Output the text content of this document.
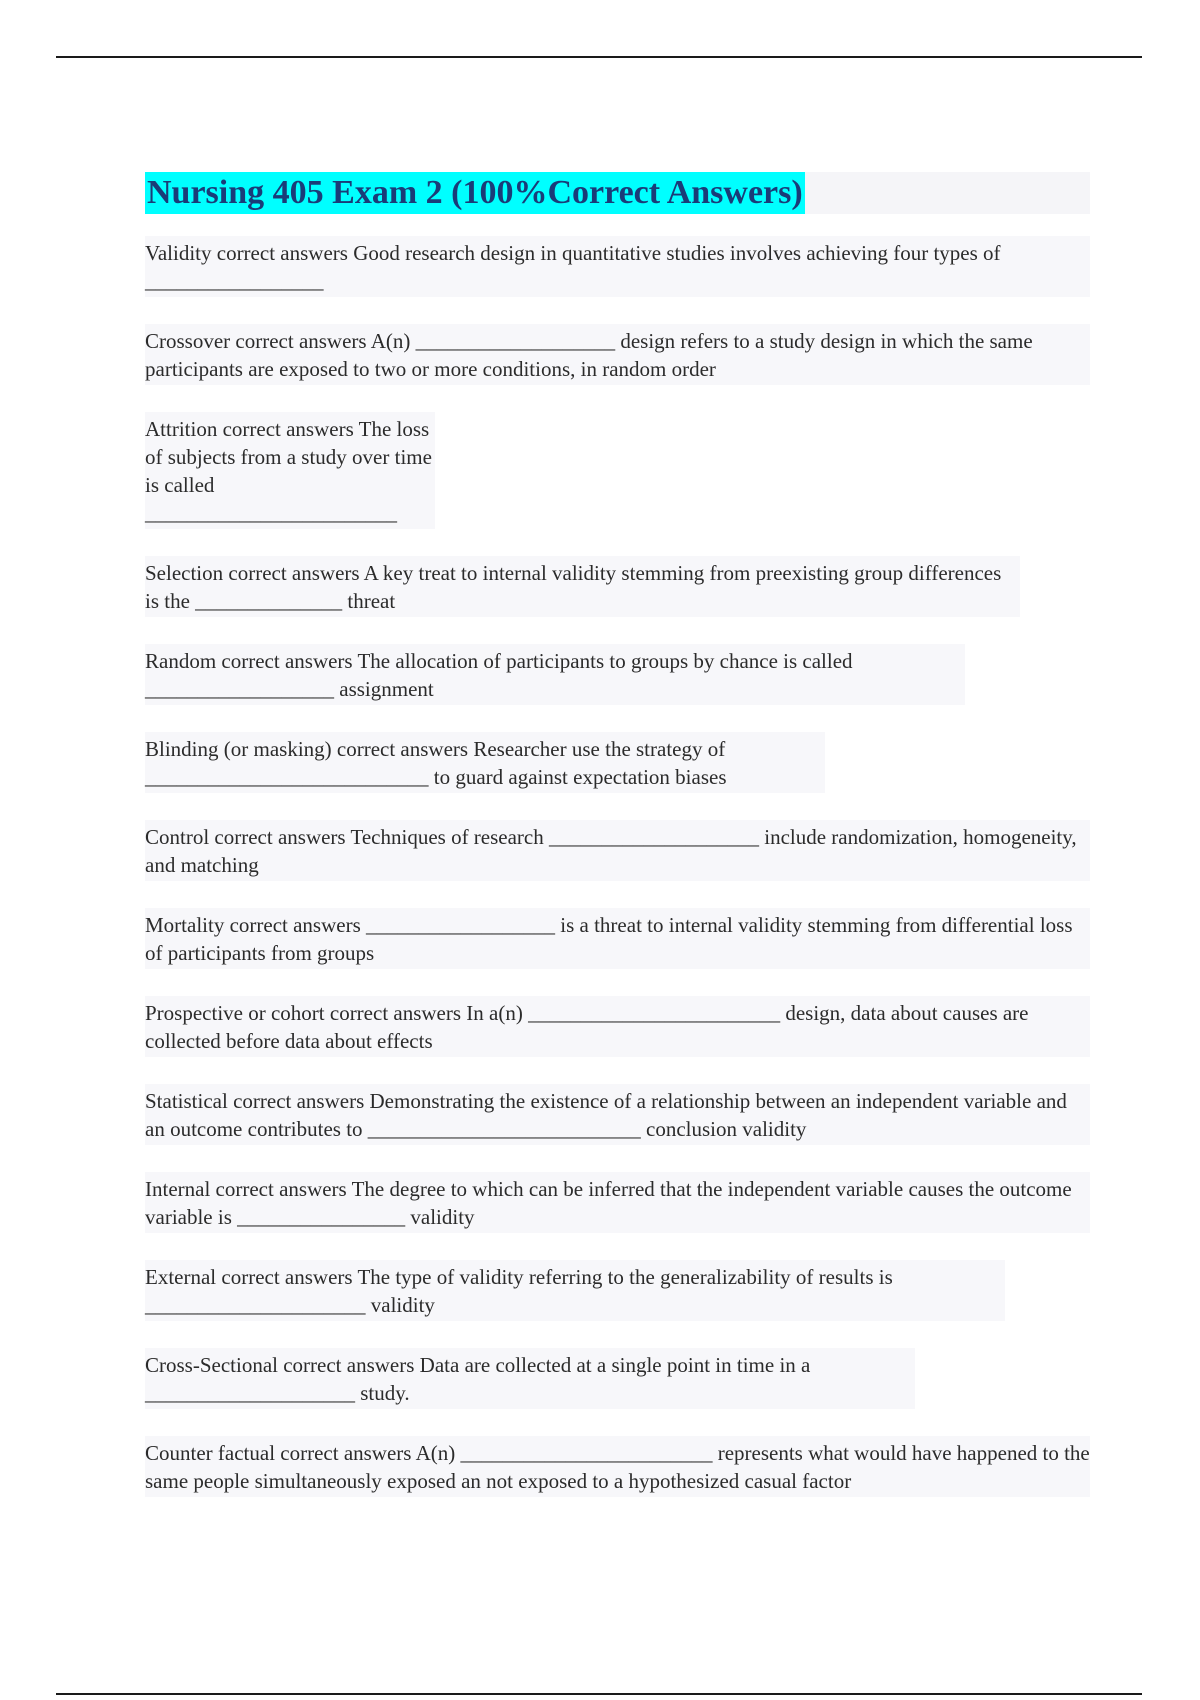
Nursing 405 Exam 2 (100%Correct Answers)

Validity correct answers Good research design in quantitative studies involves achieving four types of _________________

Crossover correct answers A(n) ___________________ design refers to a study design in which the same participants are exposed to two or more conditions, in random order

Attrition correct answers The loss of subjects from a study over time is called ________________________

Selection correct answers A key treat to internal validity stemming from preexisting group differences is the ______________ threat

Random correct answers The allocation of participants to groups by chance is called __________________ assignment

Blinding (or masking) correct answers Researcher use the strategy of ___________________________ to guard against expectation biases

Control correct answers Techniques of research ____________________ include randomization, homogeneity, and matching

Mortality correct answers __________________ is a threat to internal validity stemming from differential loss of participants from groups

Prospective or cohort correct answers In a(n) ________________________ design, data about causes are collected before data about effects

Statistical correct answers Demonstrating the existence of a relationship between an independent variable and an outcome contributes to __________________________ conclusion validity

Internal correct answers The degree to which can be inferred that the independent variable causes the outcome variable is ________________ validity

External correct answers The type of validity referring to the generalizability of results is _____________________ validity

Cross-Sectional correct answers Data are collected at a single point in time in a ____________________ study.

Counter factual correct answers A(n) ________________________ represents what would have happened to the same people simultaneously exposed an not exposed to a hypothesized casual factor
